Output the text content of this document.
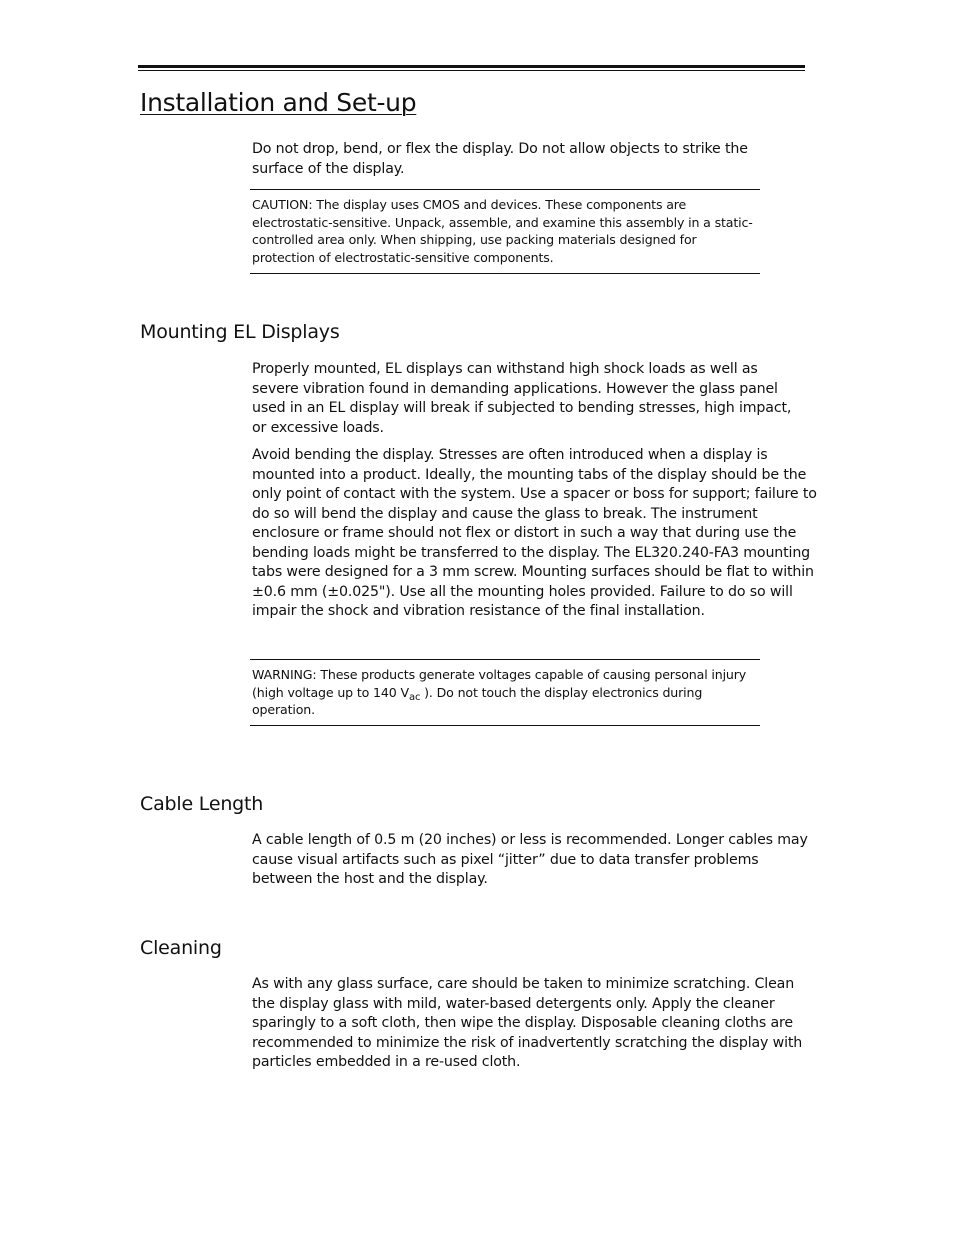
Installation and Set-up

Do not drop, bend, or flex the display. Do not allow objects to strike the surface of the display.

CAUTION: The display uses CMOS and devices. These components are electrostatic-sensitive. Unpack, assemble, and examine this assembly in a static-controlled area only. When shipping, use packing materials designed for protection of electrostatic-sensitive components.

Mounting EL Displays

Properly mounted, EL displays can withstand high shock loads as well as severe vibration found in demanding applications. However the glass panel used in an EL display will break if subjected to bending stresses, high impact, or excessive loads.

Avoid bending the display. Stresses are often introduced when a display is mounted into a product. Ideally, the mounting tabs of the display should be the only point of contact with the system. Use a spacer or boss for support; failure to do so will bend the display and cause the glass to break. The instrument enclosure or frame should not flex or distort in such a way that during use the bending loads might be transferred to the display. The EL320.240-FA3 mounting tabs were designed for a 3 mm screw. Mounting surfaces should be flat to within ±0.6 mm (±0.025"). Use all the mounting holes provided. Failure to do so will impair the shock and vibration resistance of the final installation.

WARNING: These products generate voltages capable of causing personal injury (high voltage up to 140 $V_{ac}$ ). Do not touch the display electronics during operation.

Cable Length

A cable length of 0.5 m (20 inches) or less is recommended. Longer cables may cause visual artifacts such as pixel “jitter” due to data transfer problems between the host and the display.

Cleaning

As with any glass surface, care should be taken to minimize scratching. Clean the display glass with mild, water-based detergents only. Apply the cleaner sparingly to a soft cloth, then wipe the display. Disposable cleaning cloths are recommended to minimize the risk of inadvertently scratching the display with particles embedded in a re-used cloth.
